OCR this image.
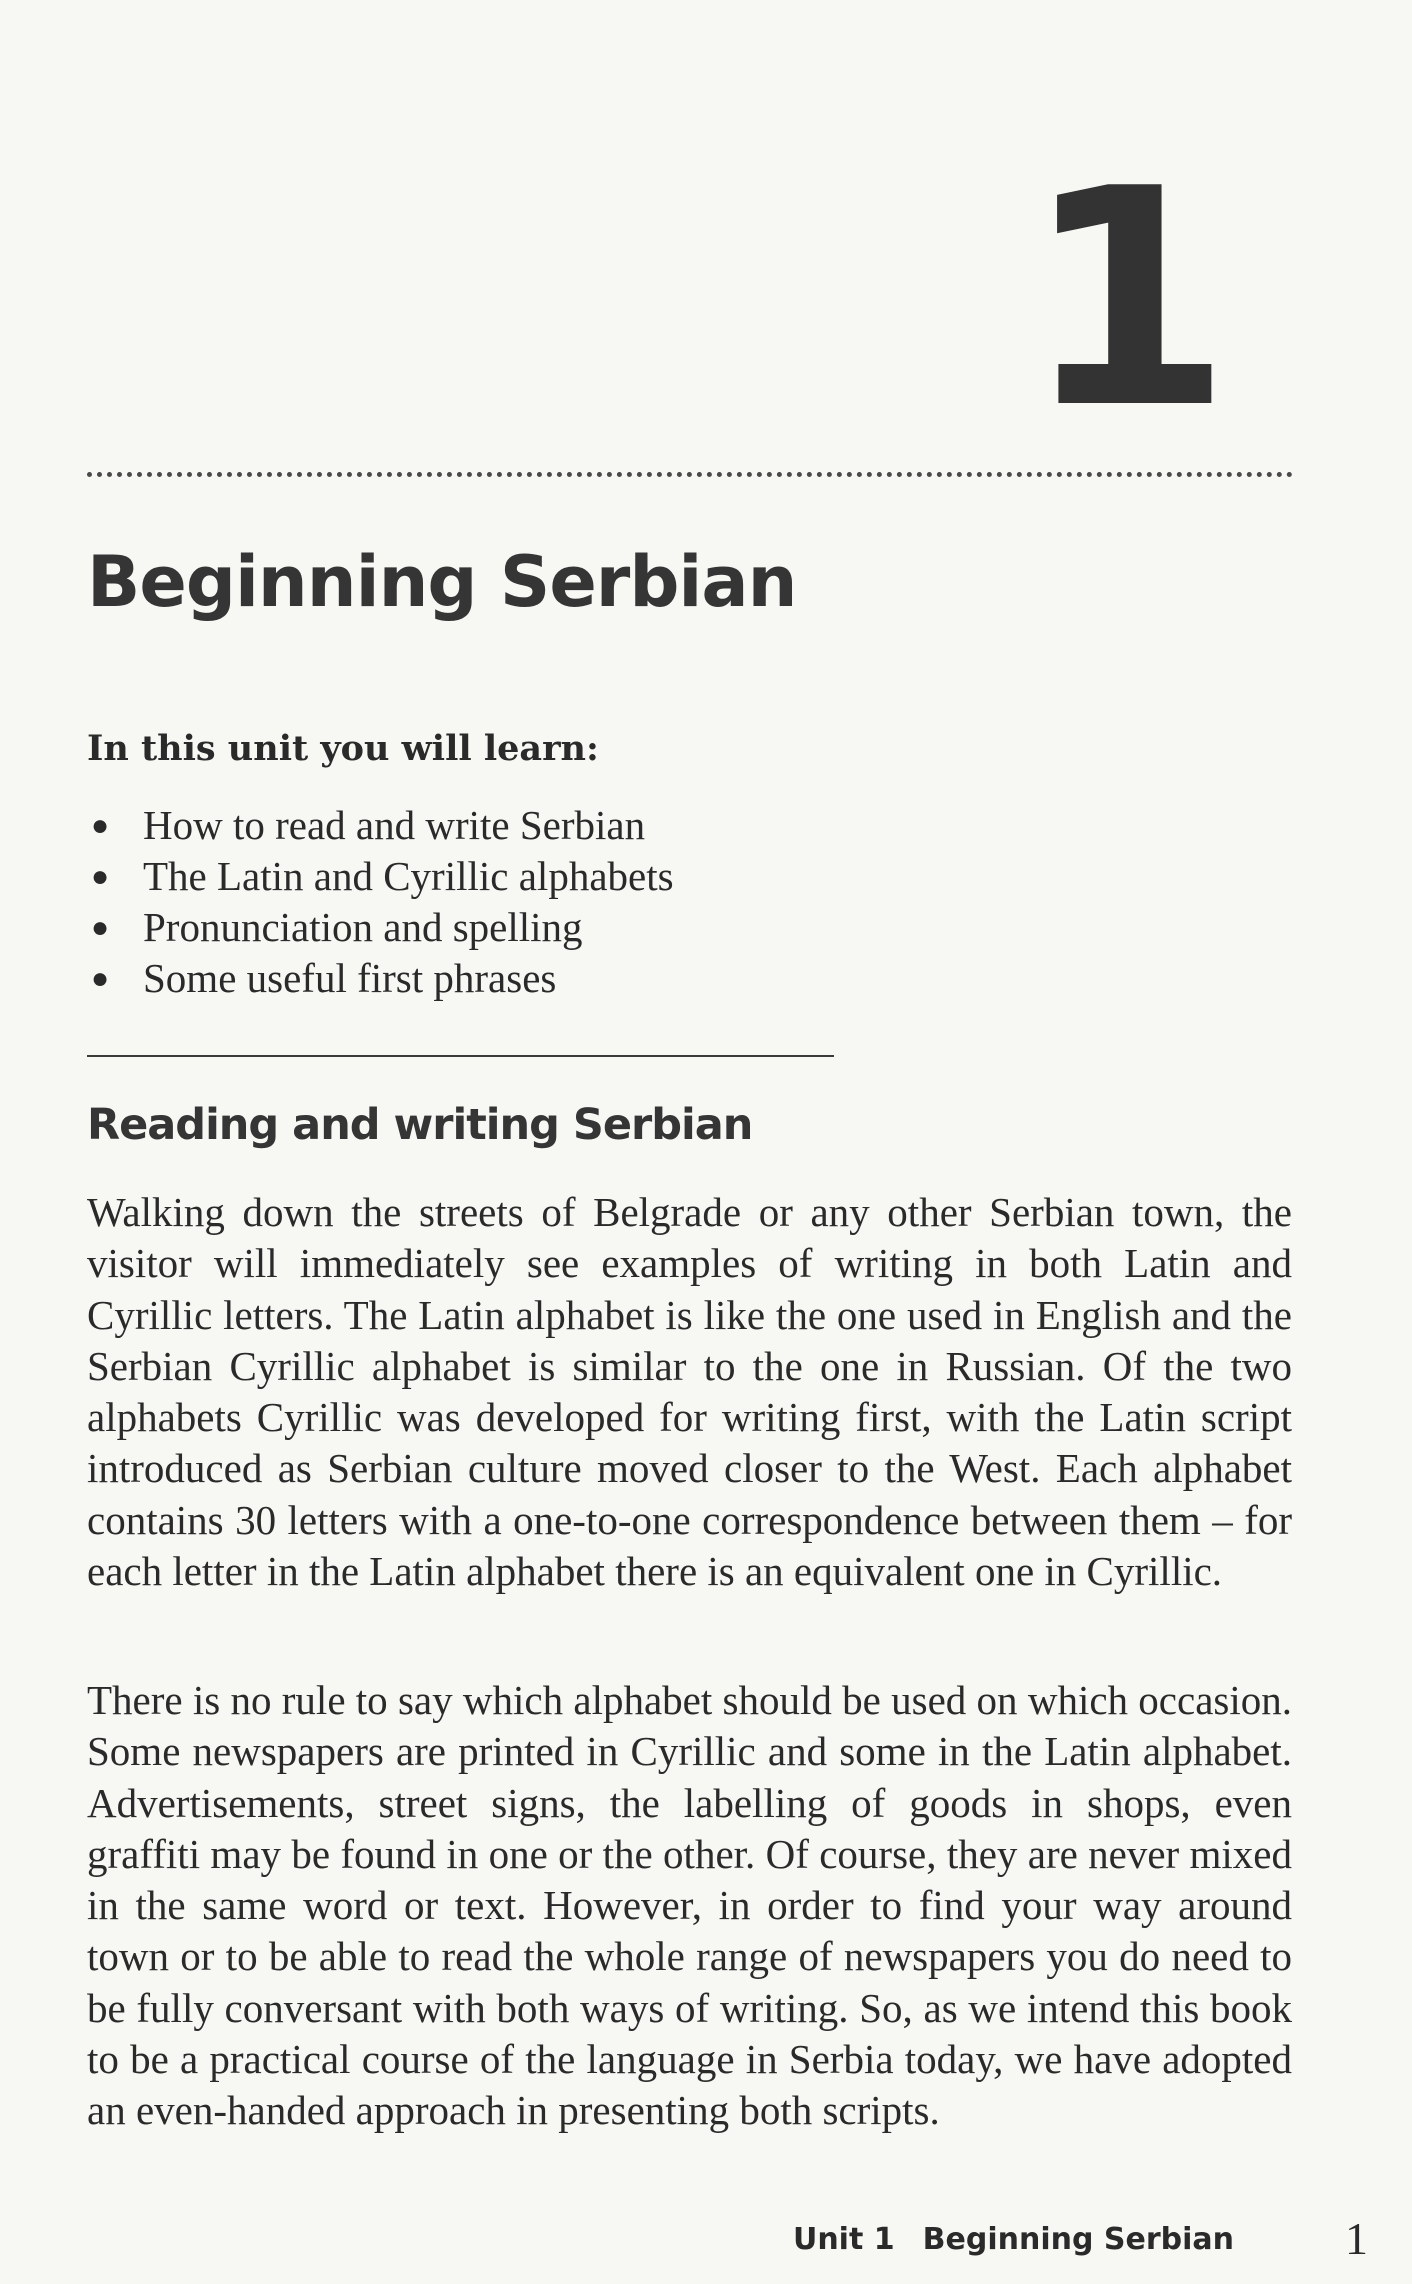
1
Beginning Serbian
In this unit you will learn:
● How to read and write Serbian
● The Latin and Cyrillic alphabets
● Pronunciation and spelling
● Some useful first phrases
Reading and writing Serbian

Walking down the streets of Belgrade or any other Serbian town, the visitor will immediately see examples of writing in both Latin and Cyrillic letters. The Latin alphabet is like the one used in English and the Serbian Cyrillic alphabet is similar to the one in Russian. Of the two alphabets Cyrillic was developed for writing first, with the Latin script introduced as Serbian culture moved closer to the West. Each alphabet contains 30 letters with a one-to-one correspondence between them – for each letter in the Latin alphabet there is an equivalent one in Cyrillic.

There is no rule to say which alphabet should be used on which occasion. Some newspapers are printed in Cyrillic and some in the Latin alphabet. Advertisements, street signs, the labelling of goods in shops, even graffiti may be found in one or the other. Of course, they are never mixed in the same word or text. However, in order to find your way around town or to be able to read the whole range of newspapers you do need to be fully conversant with both ways of writing. So, as we intend this book to be a practical course of the language in Serbia today, we have adopted an even-handed approach in presenting both scripts.

Unit 1 Beginning Serbian 1
